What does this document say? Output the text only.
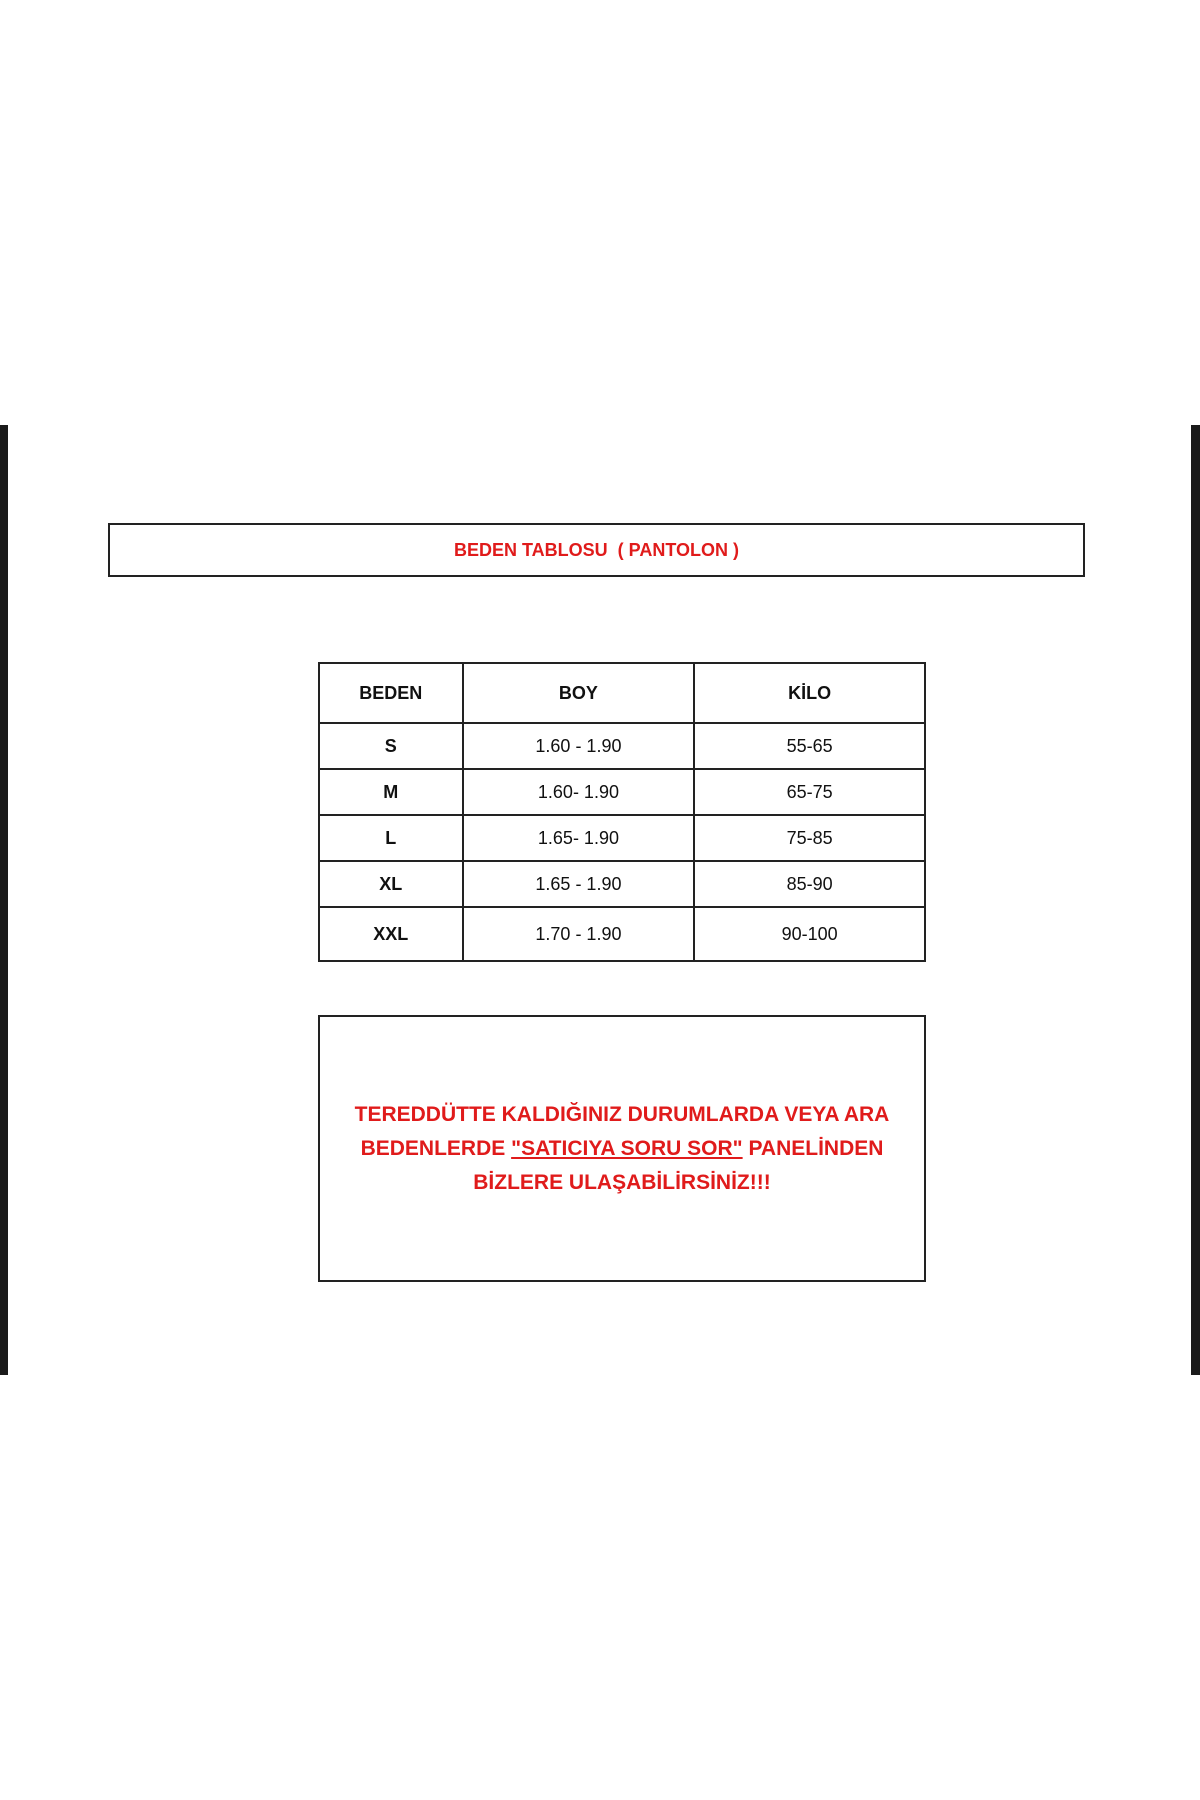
BEDEN TABLOSU  ( PANTOLON )
BEDEN	BOY	KİLO
S	1.60 - 1.90	55-65
M	1.60- 1.90	65-75
L	1.65- 1.90	75-85
XL	1.65 - 1.90	85-90
XXL	1.70 - 1.90	90-100
TEREDDÜTTE KALDIĞINIZ DURUMLARDA VEYA ARA BEDENLERDE "SATICIYA SORU SOR" PANELİNDEN BİZLERE ULAŞABİLİRSİNİZ!!!
